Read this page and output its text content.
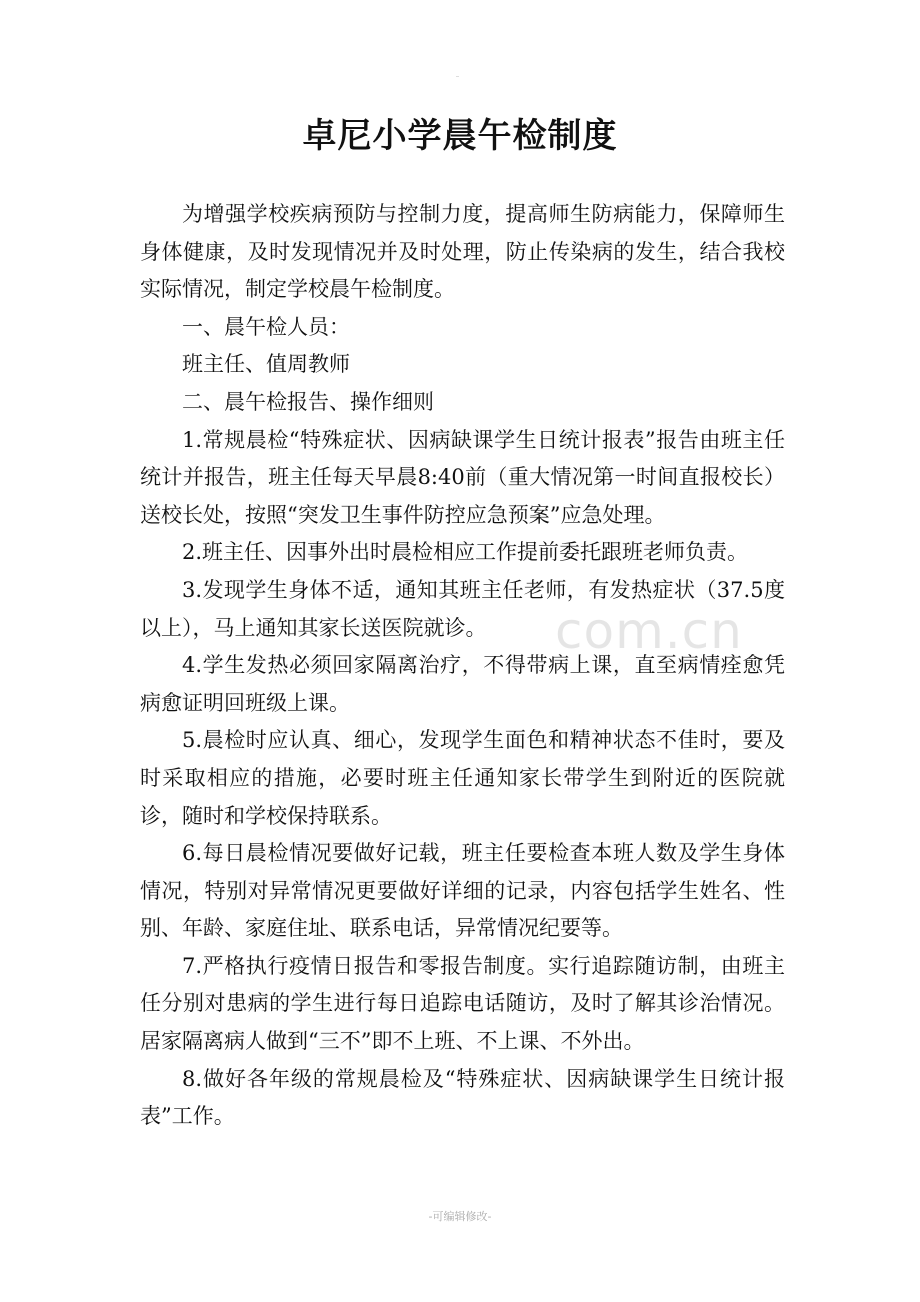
卓尼小学晨午检制度

为增强学校疾病预防与控制力度，提高师生防病能力，保障师生身体健康，及时发现情况并及时处理，防止传染病的发生，结合我校实际情况，制定学校晨午检制度。

一、晨午检人员：

班主任、值周教师

二、晨午检报告、操作细则

1.常规晨检“特殊症状、因病缺课学生日统计报表”报告由班主任统计并报告，班主任每天早晨8:40前（重大情况第一时间直报校长）送校长处，按照“突发卫生事件防控应急预案”应急处理。

2.班主任、因事外出时晨检相应工作提前委托跟班老师负责。

3.发现学生身体不适，通知其班主任老师，有发热症状（37.5度以上），马上通知其家长送医院就诊。

4.学生发热必须回家隔离治疗，不得带病上课，直至病情痊愈凭病愈证明回班级上课。

5.晨检时应认真、细心，发现学生面色和精神状态不佳时，要及时采取相应的措施，必要时班主任通知家长带学生到附近的医院就诊，随时和学校保持联系。

6.每日晨检情况要做好记载，班主任要检查本班人数及学生身体情况，特别对异常情况更要做好详细的记录，内容包括学生姓名、性别、年龄、家庭住址、联系电话，异常情况纪要等。

7.严格执行疫情日报告和零报告制度。实行追踪随访制，由班主任分别对患病的学生进行每日追踪电话随访，及时了解其诊治情况。居家隔离病人做到“三不”即不上班、不上课、不外出。

8.做好各年级的常规晨检及“特殊症状、因病缺课学生日统计报表”工作。

com.cn
-可编辑修改-
